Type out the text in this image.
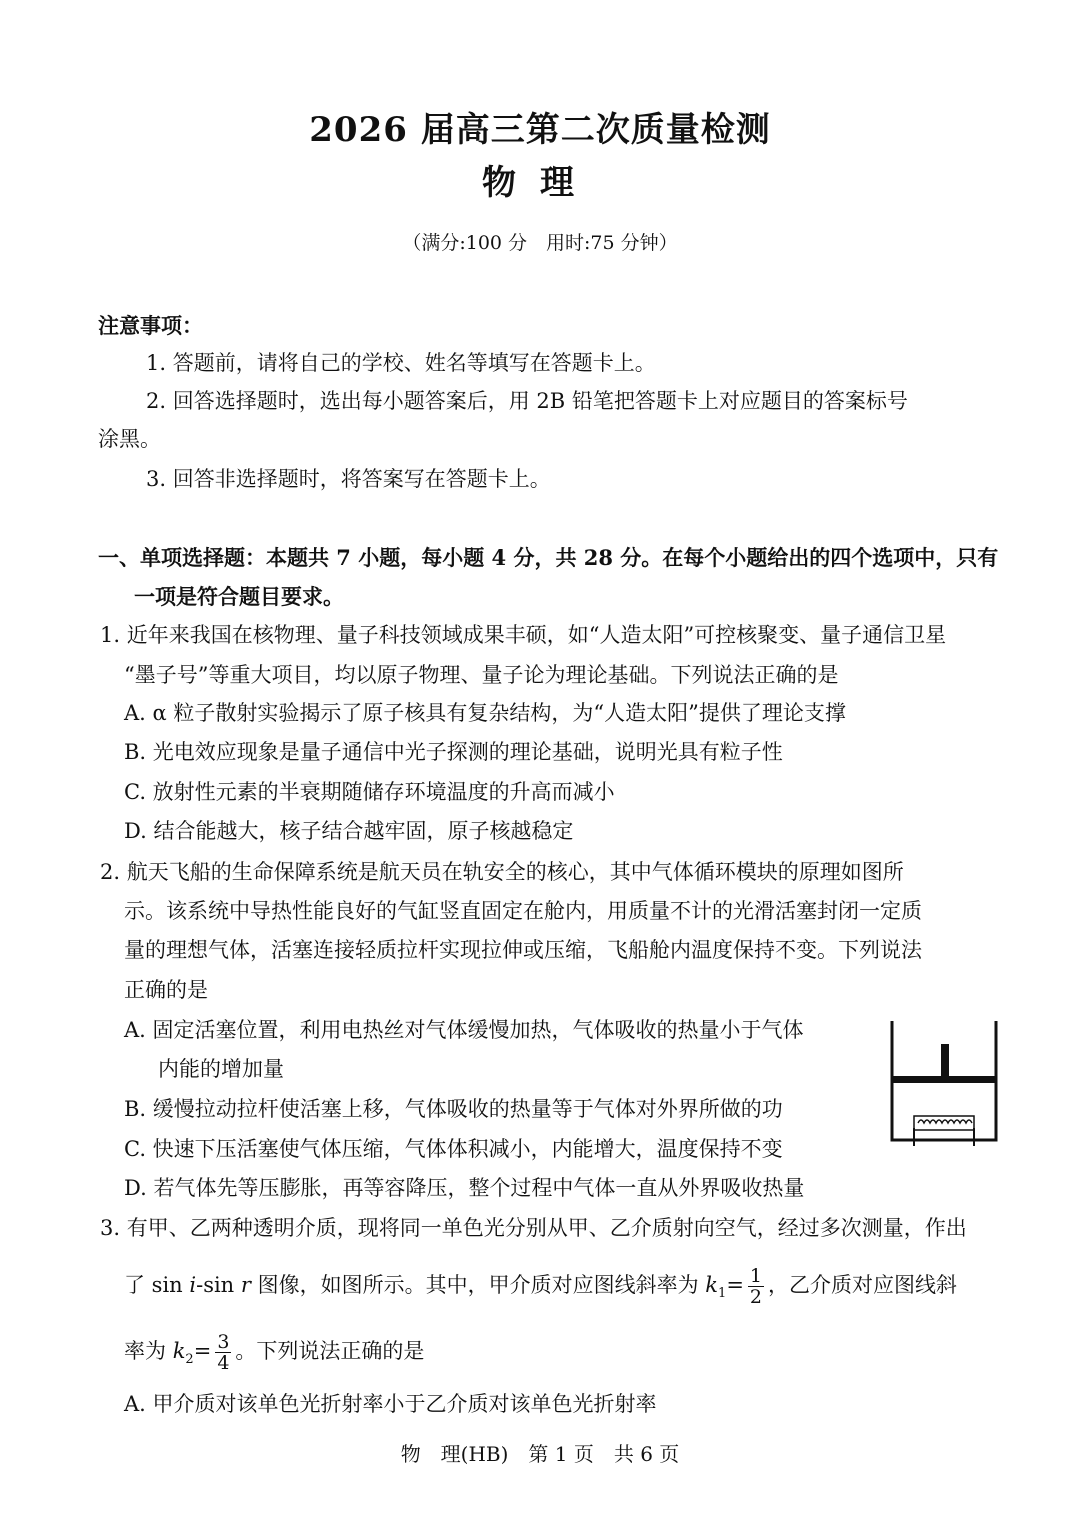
2026 届高三第二次质量检测
物理
（满分:100 分　用时:75 分钟）
注意事项：
1. 答题前，请将自己的学校、姓名等填写在答题卡上。
2. 回答选择题时，选出每小题答案后，用 2B 铅笔把答题卡上对应题目的答案标号
涂黑。
3. 回答非选择题时，将答案写在答题卡上。
一、单项选择题：本题共 7 小题，每小题 4 分，共 28 分。在每个小题给出的四个选项中，只有
一项是符合题目要求。
1. 近年来我国在核物理、量子科技领域成果丰硕，如“人造太阳”可控核聚变、量子通信卫星
“墨子号”等重大项目，均以原子物理、量子论为理论基础。下列说法正确的是
A. α 粒子散射实验揭示了原子核具有复杂结构，为“人造太阳”提供了理论支撑
B. 光电效应现象是量子通信中光子探测的理论基础，说明光具有粒子性
C. 放射性元素的半衰期随储存环境温度的升高而减小
D. 结合能越大，核子结合越牢固，原子核越稳定
2. 航天飞船的生命保障系统是航天员在轨安全的核心，其中气体循环模块的原理如图所
示。该系统中导热性能良好的气缸竖直固定在舱内，用质量不计的光滑活塞封闭一定质
量的理想气体，活塞连接轻质拉杆实现拉伸或压缩，飞船舱内温度保持不变。下列说法
正确的是
A. 固定活塞位置，利用电热丝对气体缓慢加热，气体吸收的热量小于气体
内能的增加量
B. 缓慢拉动拉杆使活塞上移，气体吸收的热量等于气体对外界所做的功
C. 快速下压活塞使气体压缩，气体体积减小，内能增大，温度保持不变
D. 若气体先等压膨胀，再等容降压，整个过程中气体一直从外界吸收热量
3. 有甲、乙两种透明介质，现将同一单色光分别从甲、乙介质射向空气，经过多次测量，作出
了 sin i-sin r 图像，如图所示。其中，甲介质对应图线斜率为 $k_1= \frac{1}{2}$ ，乙介质对应图线斜
率为 $k_2= \frac{3}{4}$ 。下列说法正确的是
A. 甲介质对该单色光折射率小于乙介质对该单色光折射率
物　理(HB)　第 1 页　共 6 页
